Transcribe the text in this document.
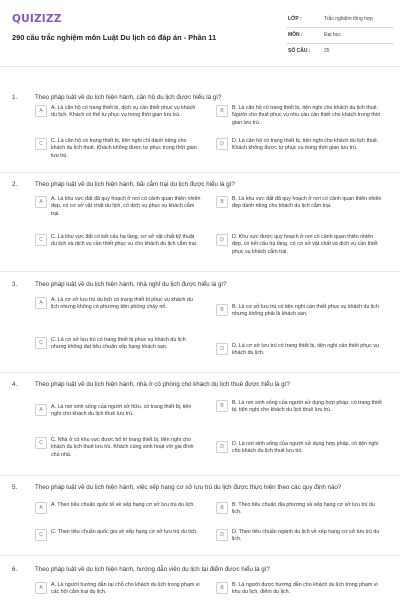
QUIZIZZ
290 câu trắc nghiệm môn Luật Du lịch có đáp án - Phần 11
LỚP :	Trắc nghiệm tổng hợp
MÔN :	Đại học
SỐ CÂU :	25
1.	Theo pháp luật về du lịch hiện hành, căn hộ du lịch được hiểu là gì?
A	A. Là căn hộ có trang thiết bị, dịch vụ cần thiết phục vụ khách du lịch. Khách có thể tự phục vụ trong thời gian lưu trú.
B	B. Là căn hộ có trang thiết bị, tiện nghi cho khách du lịch thuê. Người cho thuê phục vụ nhu cầu cần thiết cho khách trong thời gian lưu trú.
C	C. Là căn hộ có trang thiết bị, tiện nghi chỉ dành riêng cho khách du lịch thuê. Khách không được tự phục trong thời gian lưu trú.
D	D. Là căn hộ có trang thiết bị, tiện nghi cho khách du lịch thuê. Khách không được tự phục vụ trong thời gian lưu trú.
2.	Theo pháp luật về du lịch hiện hành, bãi cắm trại du lịch được hiểu là gì?
A	A. Là khu vực đất đã quy hoạch ở nơi có cảnh quan thiên nhiên đẹp, có cơ sở vật chất du lịch, có dịch vụ phục vụ khách cắm trại.
B	B. Là khu vực đất đã quy hoạch ở nơi có cảnh quan thiên nhiên đẹp dành riêng cho khách du lịch cắm trại.
C	C. Là khu vực đất có kết cấu hạ tầng, cơ sở vật chất kỹ thuật du lịch và dịch vụ cần thiết phục vụ cho khách du lịch cắm trại.
D	D. Khu vực được quy hoạch ở nơi có cảnh quan thiên nhiên đẹp, có kết cấu hạ tầng, có cơ sở vật chất và dịch vụ cần thiết phục vụ khách cắm trại.
3.	Theo pháp luật về du lịch hiện hành, nhà nghỉ du lịch được hiểu là gì?
A	A. Là cơ sở lưu trú du lịch có trang thiết bị phục vụ khách du lịch nhưng không có phương tiện phòng cháy nổ.	B	B. Là cơ sở lưu trú có tiện nghi cần thiết phục vụ khách du lịch nhưng không phải là khách sạn.
C	C. Là cơ sở lưu trú có trang thiết bị phục vụ khách du lịch nhưng không đạt tiêu chuẩn xếp hạng khách sạn.	D	D. Là cơ sở lưu trú có trang thiết bị, tiện nghi cần thiết phục vụ khách du lịch.
4.	Theo pháp luật về du lịch hiện hành, nhà ở có phòng cho khách du lịch thuê được hiểu là gì?
A	A. Là nơi sinh sống của người sở hữu, có trang thiết bị, tiện nghi cho khách du lịch thuê lưu trú.
B	B. Là nơi sinh sống của người sử dụng hợp pháp, có trang thiết bị, tiện nghi cho khách du lịch thuê lưu trú.
C	C. Nhà ở có khu vực được bố trí trang thiết bị, tiện nghi cho khách du lịch thuê lưu trú. Khách cùng sinh hoạt với gia đình chủ nhà.
D	D. Là nơi sinh sống của người sử dụng hợp pháp, có tiện nghi cho khách du lịch thuê lưu trú.
5.	Theo pháp luật về du lịch hiện hành, việc xếp hạng cơ sở lưu trú du lịch được thực hiện theo các quy định nào?
A	A. Theo tiêu chuẩn quốc tế về xếp hạng cơ sở lưu trú du lịch.	B	B. Theo tiêu chuẩn địa phương và xếp hạng cơ sở lưu trú du lịch.
C	C. Theo tiêu chuẩn quốc gia về xếp hạng cơ sở lưu trú du lịch.	D	D. Theo tiêu chuẩn ngành du lịch về xếp hạng cơ sở lưu trú du lịch.
6.	Theo pháp luật về du lịch hiện hành, hướng dẫn viên du lịch tại điểm được hiểu là gì?
A	A. Là người hướng dẫn tại chỗ cho khách du lịch trong phạm vi các hội cắm trại du lịch.
B	B. Là người được hướng dẫn cho khách du lịch trong phạm vi khu du lịch, điểm du lịch.
